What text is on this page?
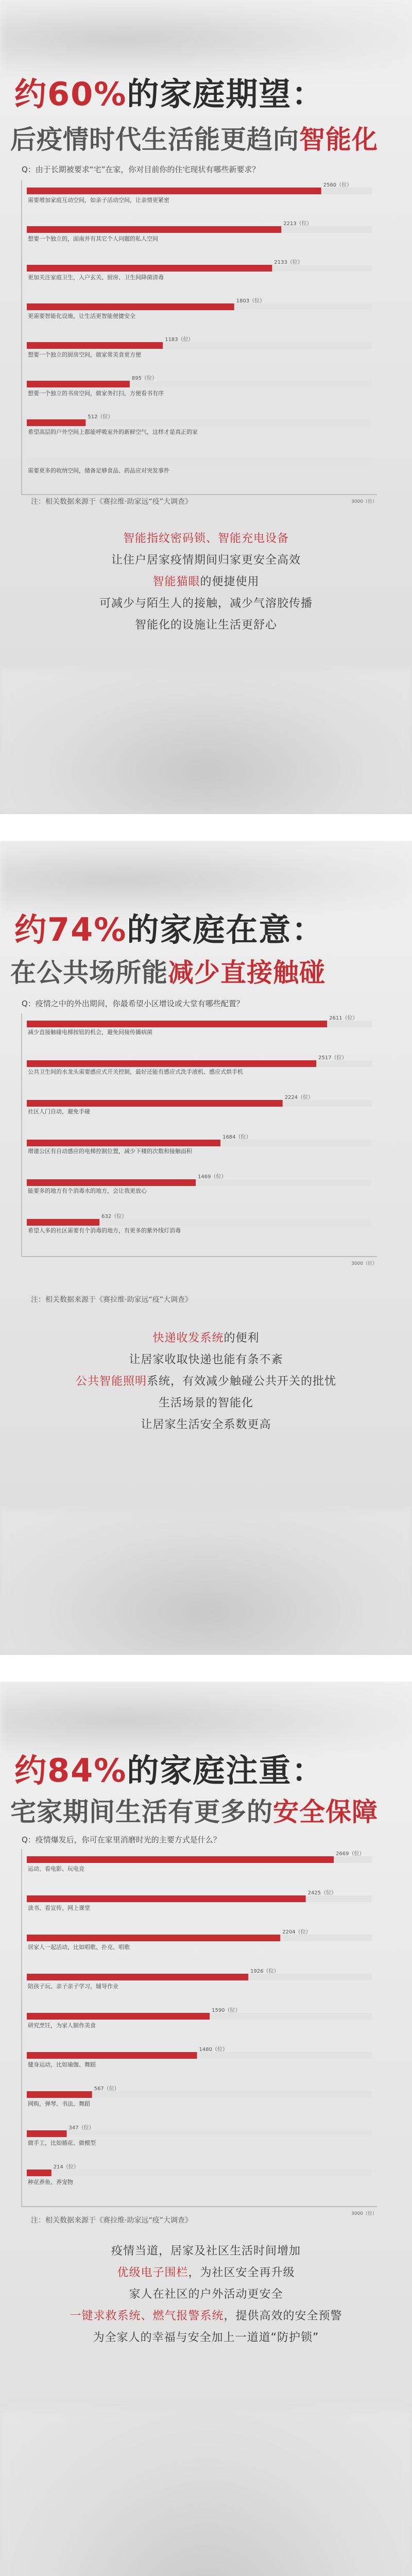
约60%的家庭期望：
后疫情时代生活能更趋向智能化
Q：由于长期被要求“宅”在家，你对目前你的住宅现状有哪些新要求？
3000（位）
2560（位）
需要增加家庭互动空间，如亲子活动空间，让亲情更紧密
2213（位）
想要一个独立的，面南并有其它个人问题的私人空间
2133（位）
更加关注家庭卫生，入户玄关、厨房、卫生间降菌清毒
1803（位）
更需要智能化设施，让生活更智能便捷安全
1183（位）
想要一个独立的厨房空间，做家常美食更方便
895（位）
想要一个独立的书房空间，做家务打扫，方便看书有序
512（位）
希望高层的户外空间上都能呼吸室外的新鲜空气，这样才是真正的家
需要更多的收纳空间，储备足够食品、药品应对突发事件
注：相关数据来源于《赛拉维·助家远“疫”大调查》
智能指纹密码锁、智能充电设备
让住户居家疫情期间归家更安全高效
智能猫眼的便捷使用
可减少与陌生人的接触，减少气溶胶传播
智能化的设施让生活更舒心
约74%的家庭在意：
在公共场所能减少直接触碰
Q：疫情之中的外出期间，你最希望小区增设或大堂有哪些配置？
3000（位）
2611（位）
减少直接触碰电梯按钮的机会，避免间接传播病菌
2517（位）
公共卫生间的水龙头需要感应式开关控制，最好还能有感应式洗手液机、感应式烘手机
2224（位）
社区人门自动，避免手碰
1684（位）
增建公区有自动感应的电梯控制位置，减少下楼的次数和接触面积
1469（位）
能要多的地方有个消毒水的地方，会让我更放心
632（位）
希望人多的社区需要有个消毒的地方，有更多的紫外线灯消毒
注：相关数据来源于《赛拉维·助家远“疫”大调查》
快递收发系统的便利
让居家收取快递也能有条不紊
公共智能照明系统，有效减少触碰公共开关的批忧
生活场景的智能化
让居家生活安全系数更高
约84%的家庭注重：
宅家期间生活有更多的安全保障
Q：疫情爆发后，你可在家里消磨时光的主要方式是什么？
3000（位）
2669（位）
运动、看电影、玩电竞
2425（位）
读书、看宣传、网上课堂
2204（位）
居家人一起活动，比如唱歌、扑克、唱歌
1926（位）
陪孩子玩、亲子亲子学习，辅导作业
1590（位）
研究烹饪，为家人制作美食
1480（位）
健身运动，比如瑜伽、舞蹈
567（位）
网购，弹琴、书法、舞蹈
347（位）
做手工，比如插花、做模型
214（位）
种花养鱼、养宠物
注：相关数据来源于《赛拉维·助家远“疫”大调查》
疫情当道，居家及社区生活时间增加
优级电子围栏，为社区安全再升级
家人在社区的户外活动更安全
一键求救系统、燃气报警系统，提供高效的安全预警
为全家人的幸福与安全加上一道道“防护锁”
